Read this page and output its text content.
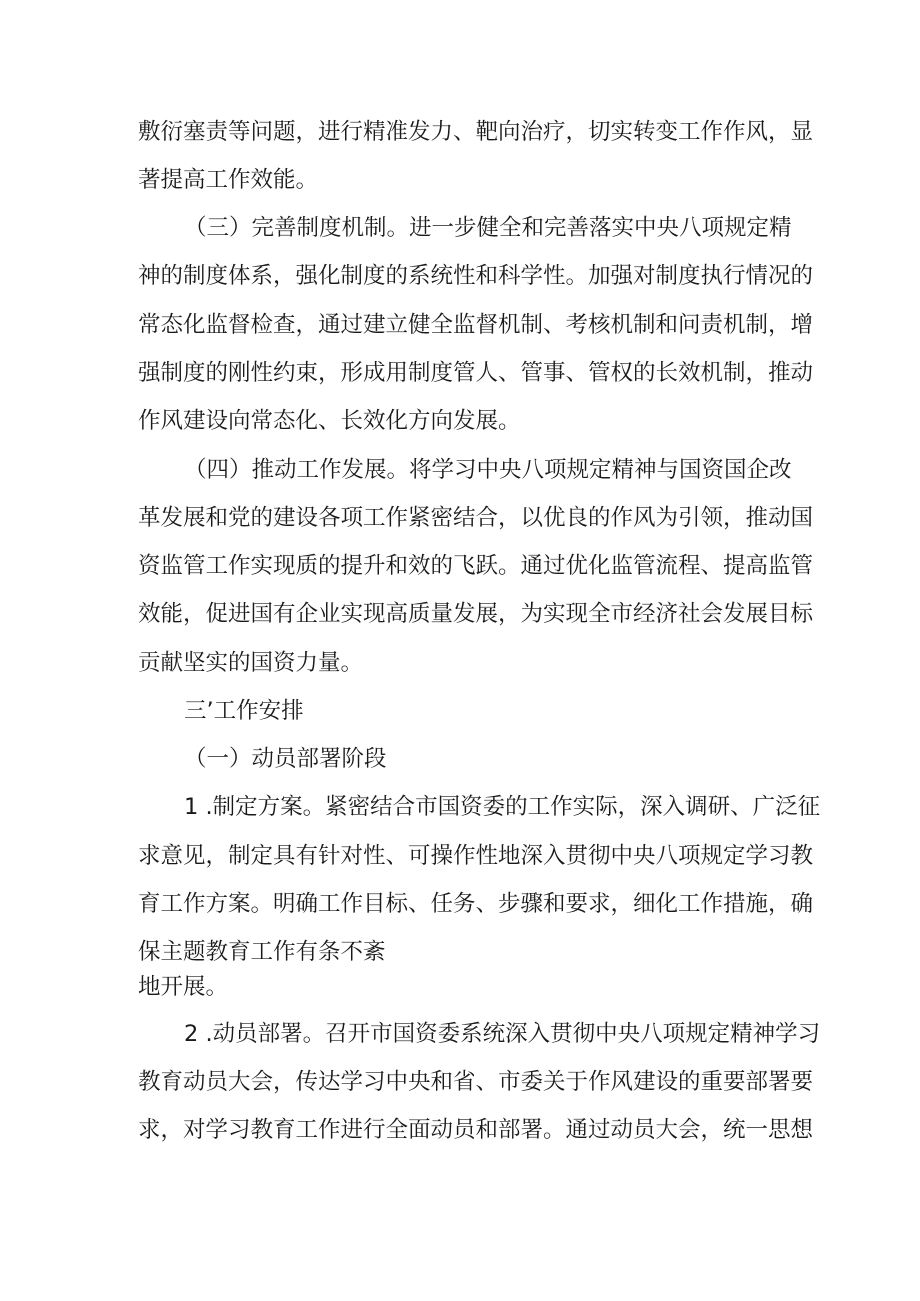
敷衍塞责等问题，进行精准发力、靶向治疗，切实转变工作作风，显
著提高工作效能。
（三）完善制度机制。进一步健全和完善落实中央八项规定精
神的制度体系，强化制度的系统性和科学性。加强对制度执行情况的
常态化监督检查，通过建立健全监督机制、考核机制和问责机制，增
强制度的刚性约束，形成用制度管人、管事、管权的长效机制，推动
作风建设向常态化、长效化方向发展。
（四）推动工作发展。将学习中央八项规定精神与国资国企改
革发展和党的建设各项工作紧密结合，以优良的作风为引领，推动国
资监管工作实现质的提升和效的飞跃。通过优化监管流程、提高监管
效能，促进国有企业实现高质量发展，为实现全市经济社会发展目标
贡献坚实的国资力量。
三’工作安排
（一）动员部署阶段
1 .制定方案。紧密结合市国资委的工作实际，深入调研、广泛征
求意见，制定具有针对性、可操作性地深入贯彻中央八项规定学习教
育工作方案。明确工作目标、任务、步骤和要求，细化工作措施，确
保主题教育工作有条不紊
地开展。
2 .动员部署。召开市国资委系统深入贯彻中央八项规定精神学习
教育动员大会，传达学习中央和省、市委关于作风建设的重要部署要
求，对学习教育工作进行全面动员和部署。通过动员大会，统一思想
